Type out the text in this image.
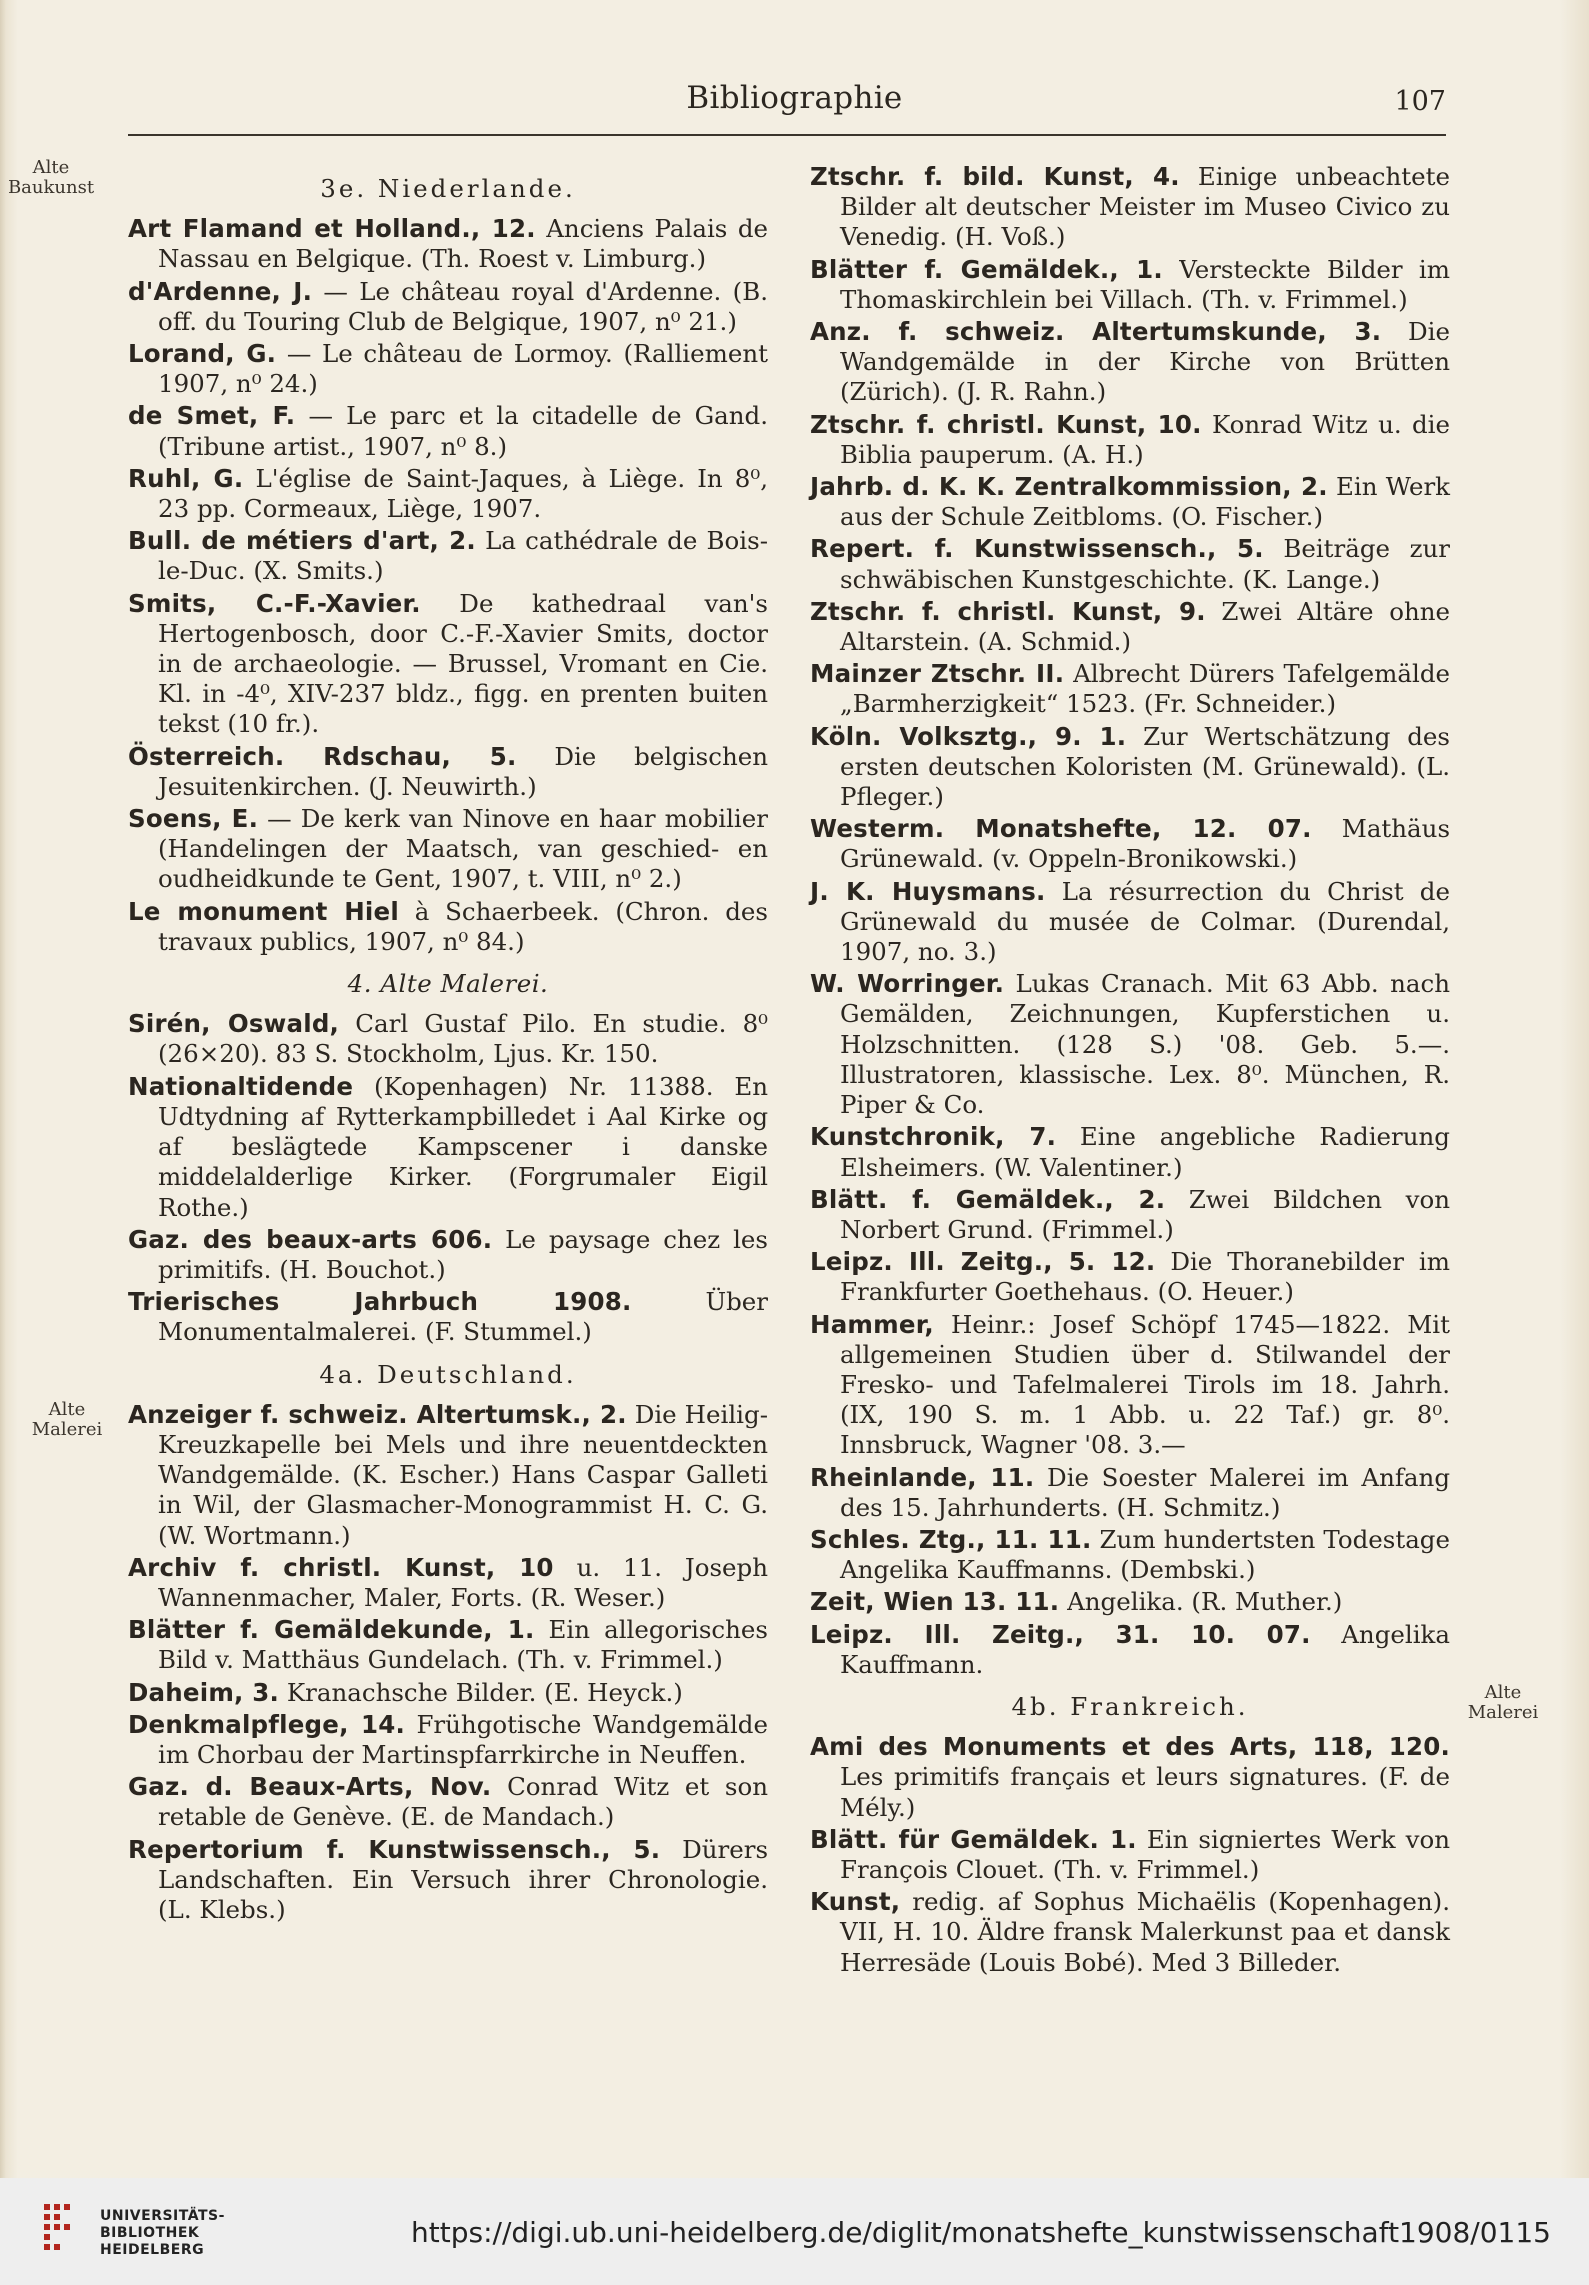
Bibliographie	107
Alte Baukunst
Alte Malerei
Alte Malerei
3e. Niederlande.

Art Flamand et Holland., 12. Anciens Palais de Nassau en Belgique. (Th. Roest v. Limburg.)

d'Ardenne, J. — Le château royal d'Ardenne. (B. off. du Touring Club de Belgique, 1907, n⁰ 21.)

Lorand, G. — Le château de Lormoy. (Ralliement 1907, n⁰ 24.)

de Smet, F. — Le parc et la citadelle de Gand. (Tribune artist., 1907, n⁰ 8.)

Ruhl, G. L'église de Saint-Jaques, à Liège. In 8⁰, 23 pp. Cormeaux, Liège, 1907.

Bull. de métiers d'art, 2. La cathédrale de Bois-le-Duc. (X. Smits.)

Smits, C.-F.-Xavier. De kathedraal van's Hertogenbosch, door C.-F.-Xavier Smits, doctor in de archaeologie. — Brussel, Vromant en Cie. Kl. in -4⁰, XIV-237 bldz., figg. en prenten buiten tekst (10 fr.).

Österreich. Rdschau, 5. Die belgischen Jesuitenkirchen. (J. Neuwirth.)

Soens, E. — De kerk van Ninove en haar mobilier (Handelingen der Maatsch, van geschied- en oudheidkunde te Gent, 1907, t. VIII, n⁰ 2.)

Le monument Hiel à Schaerbeek. (Chron. des travaux publics, 1907, n⁰ 84.)

4. Alte Malerei.

Sirén, Oswald, Carl Gustaf Pilo. En studie. 8⁰ (26×20). 83 S. Stockholm, Ljus. Kr. 150.

Nationaltidende (Kopenhagen) Nr. 11388. En Udtydning af Rytterkampbilledet i Aal Kirke og af beslägtede Kampscener i danske middelalderlige Kirker. (Forgrumaler Eigil Rothe.)

Gaz. des beaux-arts 606. Le paysage chez les primitifs. (H. Bouchot.)

Trierisches Jahrbuch 1908.	Über Monumentalmalerei. (F. Stummel.)

4a. Deutschland.

Anzeiger f. schweiz. Altertumsk., 2. Die Heilig-Kreuzkapelle bei Mels und ihre neuentdeckten Wandgemälde. (K. Escher.) Hans Caspar Galleti in Wil, der Glasmacher-Monogrammist H. C. G. (W. Wortmann.)

Archiv f. christl. Kunst, 10 u. 11. Joseph Wannenmacher, Maler, Forts. (R. Weser.)

Blätter f. Gemäldekunde, 1. Ein allegorisches Bild v. Matthäus Gundelach. (Th. v. Frimmel.)

Daheim, 3. Kranachsche Bilder. (E. Heyck.)

Denkmalpflege, 14. Frühgotische Wandgemälde im Chorbau der Martinspfarrkirche in Neuffen.

Gaz. d. Beaux-Arts, Nov. Conrad Witz et son retable de Genève. (E. de Mandach.)

Repertorium f. Kunstwissensch., 5. Dürers Landschaften. Ein Versuch ihrer Chronologie. (L. Klebs.)

Ztschr. f. bild. Kunst, 4. Einige unbeachtete Bilder alt deutscher Meister im Museo Civico zu Venedig. (H. Voß.)

Blätter f. Gemäldek., 1. Versteckte Bilder im Thomaskirchlein bei Villach. (Th. v. Frimmel.)

Anz. f. schweiz. Altertumskunde, 3. Die Wandgemälde in der Kirche von Brütten (Zürich). (J. R. Rahn.)

Ztschr. f. christl. Kunst, 10. Konrad Witz u. die Biblia pauperum. (A. H.)

Jahrb. d. K. K. Zentralkommission, 2. Ein Werk aus der Schule Zeitbloms. (O. Fischer.)

Repert. f. Kunstwissensch., 5. Beiträge zur schwäbischen Kunstgeschichte. (K. Lange.)

Ztschr. f. christl. Kunst, 9. Zwei Altäre ohne Altarstein. (A. Schmid.)

Mainzer Ztschr. II. Albrecht Dürers Tafelgemälde „Barmherzigkeit“ 1523. (Fr. Schneider.)

Köln. Volksztg., 9. 1. Zur Wertschätzung des ersten deutschen Koloristen (M. Grünewald). (L. Pfleger.)

Westerm. Monatshefte, 12. 07. Mathäus Grünewald. (v. Oppeln-Bronikowski.)

J. K. Huysmans. La résurrection du Christ de Grünewald du musée de Colmar. (Durendal, 1907, no. 3.)

W. Worringer. Lukas Cranach. Mit 63 Abb. nach Gemälden, Zeichnungen, Kupferstichen u. Holzschnitten. (128 S.) '08. Geb. 5.—. Illustratoren, klassische. Lex. 8⁰. München, R. Piper & Co.

Kunstchronik, 7. Eine angebliche Radierung Elsheimers. (W. Valentiner.)

Blätt. f. Gemäldek., 2. Zwei Bildchen von Norbert Grund. (Frimmel.)

Leipz. Ill. Zeitg., 5. 12. Die Thoranebilder im Frankfurter Goethehaus. (O. Heuer.)

Hammer, Heinr.: Josef Schöpf 1745—1822. Mit allgemeinen Studien über d. Stilwandel der Fresko- und Tafelmalerei Tirols im 18. Jahrh. (IX, 190 S. m. 1 Abb. u. 22 Taf.) gr. 8⁰. Innsbruck, Wagner '08. 3.—

Rheinlande, 11. Die Soester Malerei im Anfang des 15. Jahrhunderts. (H. Schmitz.)

Schles. Ztg., 11. 11. Zum hundertsten Todestage Angelika Kauffmanns. (Dembski.)

Zeit, Wien 13. 11. Angelika. (R. Muther.)

Leipz. Ill. Zeitg., 31. 10. 07. Angelika Kauffmann.

4b. Frankreich.

Ami des Monuments et des Arts, 118, 120. Les primitifs français et leurs signatures. (F. de Mély.)

Blätt. für Gemäldek. 1. Ein signiertes Werk von François Clouet. (Th. v. Frimmel.)

Kunst, redig. af Sophus Michaëlis (Kopenhagen). VII, H. 10. Äldre fransk Malerkunst paa et dansk Herresäde (Louis Bobé). Med 3 Billeder.

UNIVERSITÄTS-
BIBLIOTHEK
HEIDELBERG
https://digi.ub.uni-heidelberg.de/diglit/monatshefte_kunstwissenschaft1908/0115
